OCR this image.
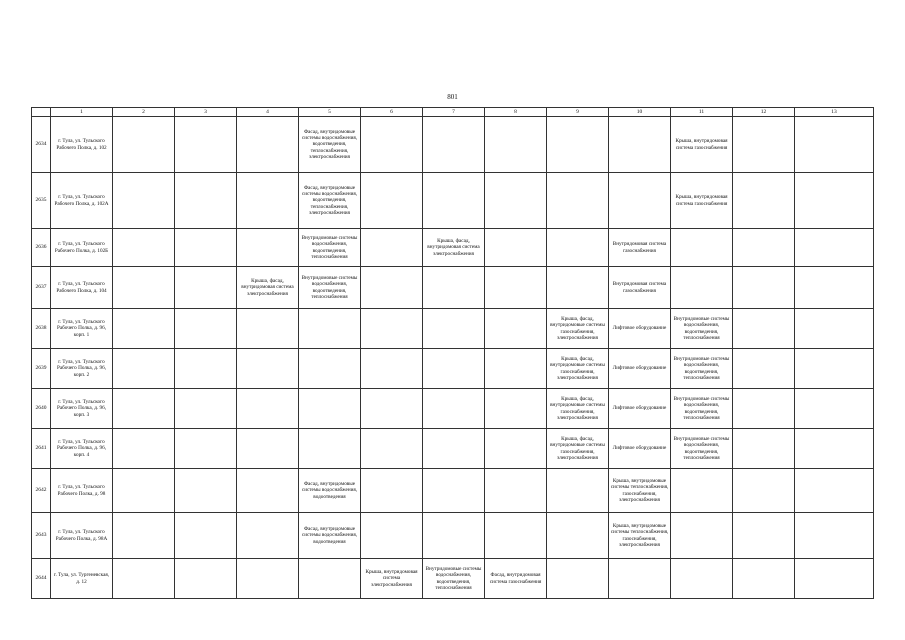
801
	1	2	3	4	5	6	7	8	9	10	11	12	13
2634	г. Тула, ул. Тульского Рабочего Полка, д. 102				Фасад, внутридомовые системы водоснабжения, водоотведения, теплоснабжения, электроснабжения						Крыша, внутридомовая система газоснабжения		

2635	г. Тула, ул. Тульского Рабочего Полка, д. 102А				Фасад, внутридомовые системы водоснабжения, водоотведения, теплоснабжения, электроснабжения						Крыша, внутридомовая система газоснабжения		

2636	г. Тула, ул. Тульского Рабочего Полка, д. 102Б				Внутридомовые системы водоснабжения, водоотведения, теплоснабжения		Крыша, фасад, внутридомовая система электроснабжения			Внутридомовая система газоснабжения			

2637	г. Тула, ул. Тульского Рабочего Полка, д. 104			Крыша, фасад, внутридомовая система электроснабжения	Внутридомовые системы водоснабжения, водоотведения, теплоснабжения					Внутридомовая система газоснабжения			

2638	г. Тула, ул. Тульского Рабочего Полка, д. 96, корп. 1								Крыша, фасад, внутридомовые системы газоснабжения, электроснабжения	Лифтовое оборудование	Внутридомовые системы водоснабжения, водоотведения, теплоснабжения		

2639	г. Тула, ул. Тульского Рабочего Полка, д. 96, корп. 2								Крыша, фасад, внутридомовые системы газоснабжения, электроснабжения	Лифтовое оборудование	Внутридомовые системы водоснабжения, водоотведения, теплоснабжения		

2640	г. Тула, ул. Тульского Рабочего Полка, д. 96, корп. 3								Крыша, фасад, внутридомовые системы газоснабжения, электроснабжения	Лифтовое оборудование	Внутридомовые системы водоснабжения, водоотведения, теплоснабжения		

2641	г. Тула, ул. Тульского Рабочего Полка, д. 96, корп. 4								Крыша, фасад, внутридомовые системы газоснабжения, электроснабжения	Лифтовое оборудование	Внутридомовые системы водоснабжения, водоотведения, теплоснабжения		

2642	г. Тула, ул. Тульского Рабочего Полка, д. 98				Фасад, внутридомовые системы водоснабжения, водоотведения					Крыша, внутридомовые системы теплоснабжения, газоснабжения, электроснабжения			

2643	г. Тула, ул. Тульского Рабочего Полка, д. 98А				Фасад, внутридомовые системы водоснабжения, водоотведения					Крыша, внутридомовые системы теплоснабжения, газоснабжения, электроснабжения			

2644	г. Тула, ул. Тургеневская, д. 12					Крыша, внутридомовая система электроснабжения	Внутридомовые системы водоснабжения, водоотведения, теплоснабжения	Фасад, внутридомовая система газоснабжения					
